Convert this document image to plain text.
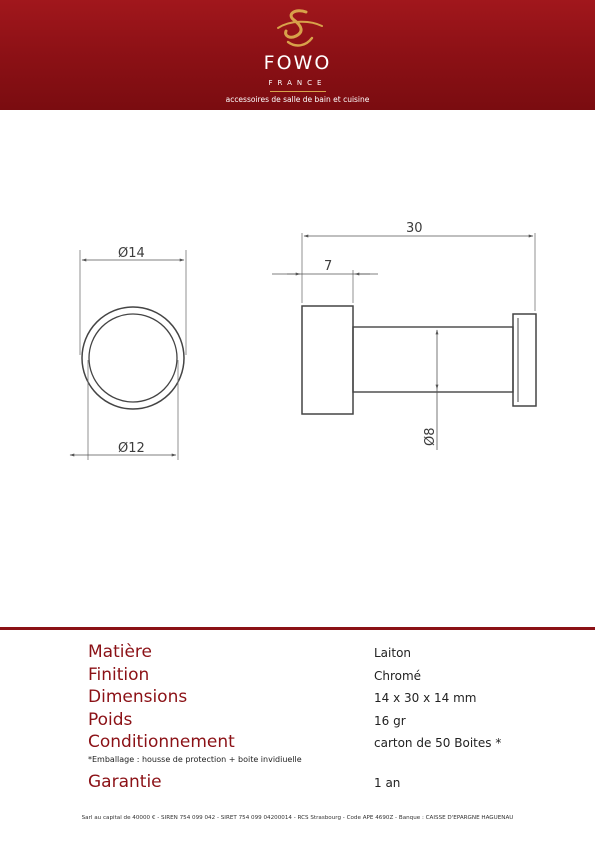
FOWO
FRANCE
accessoires de salle de bain et cuisine
Ø14
Ø12
30
7
Ø8
Matière	Laiton
Finition	Chromé
Dimensions	14 x 30 x 14 mm
Poids	16 gr
Conditionnement	carton de 50 Boites *
Garantie	1 an
*Emballage : housse de protection + boite invidiuelle
Sarl au capital de 40000 € - SIREN 754 099 042 - SIRET 754 099 04200014 - RCS Strasbourg - Code APE 4690Z - Banque : CAISSE D'EPARGNE HAGUENAU
